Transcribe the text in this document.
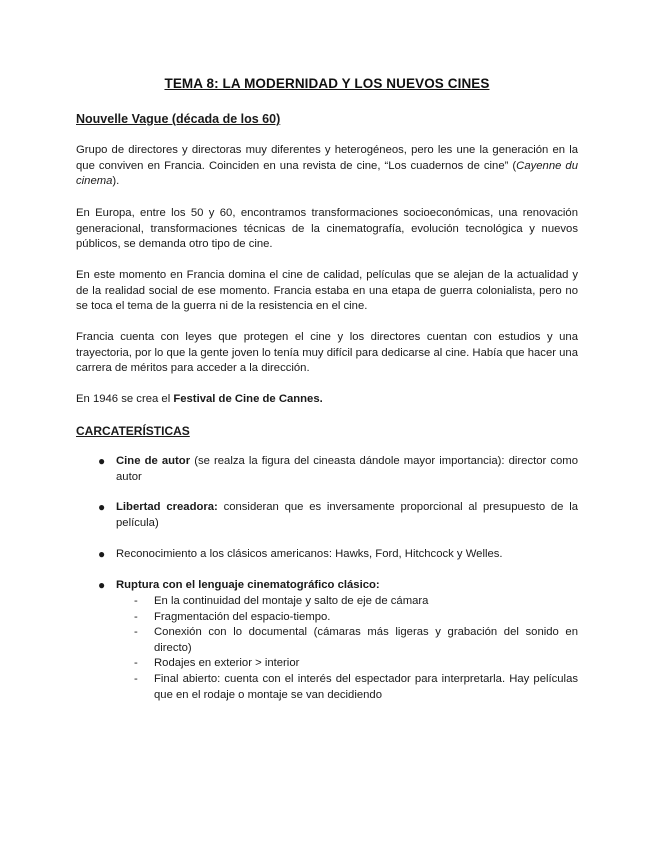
TEMA 8: LA MODERNIDAD Y LOS NUEVOS CINES
Nouvelle Vague (década de los 60)
Grupo de directores y directoras muy diferentes y heterogéneos, pero les une la generación en la que conviven en Francia. Coinciden en una revista de cine, “Los cuadernos de cine” (Cayenne du cinema).
En Europa, entre los 50 y 60, encontramos transformaciones socioeconómicas, una renovación generacional, transformaciones técnicas de la cinematografía, evolución tecnológica y nuevos públicos, se demanda otro tipo de cine.
En este momento en Francia domina el cine de calidad, películas que se alejan de la actualidad y de la realidad social de ese momento. Francia estaba en una etapa de guerra colonialista, pero no se toca el tema de la guerra ni de la resistencia en el cine.
Francia cuenta con leyes que protegen el cine y los directores cuentan con estudios y una trayectoria, por lo que la gente joven lo tenía muy difícil para dedicarse al cine. Había que hacer una carrera de méritos para acceder a la dirección.
En 1946 se crea el Festival de Cine de Cannes.
CARCATERÍSTICAS
● Cine de autor (se realza la figura del cineasta dándole mayor importancia): director como autor
● Libertad creadora: consideran que es inversamente proporcional al presupuesto de la película)
● Reconocimiento a los clásicos americanos: Hawks, Ford, Hitchcock y Welles.
● Ruptura con el lenguaje cinematográfico clásico:
- En la continuidad del montaje y salto de eje de cámara
- Fragmentación del espacio-tiempo.
- Conexión con lo documental (cámaras más ligeras y grabación del sonido en directo)
- Rodajes en exterior > interior
- Final abierto: cuenta con el interés del espectador para interpretarla. Hay películas que en el rodaje o montaje se van decidiendo
